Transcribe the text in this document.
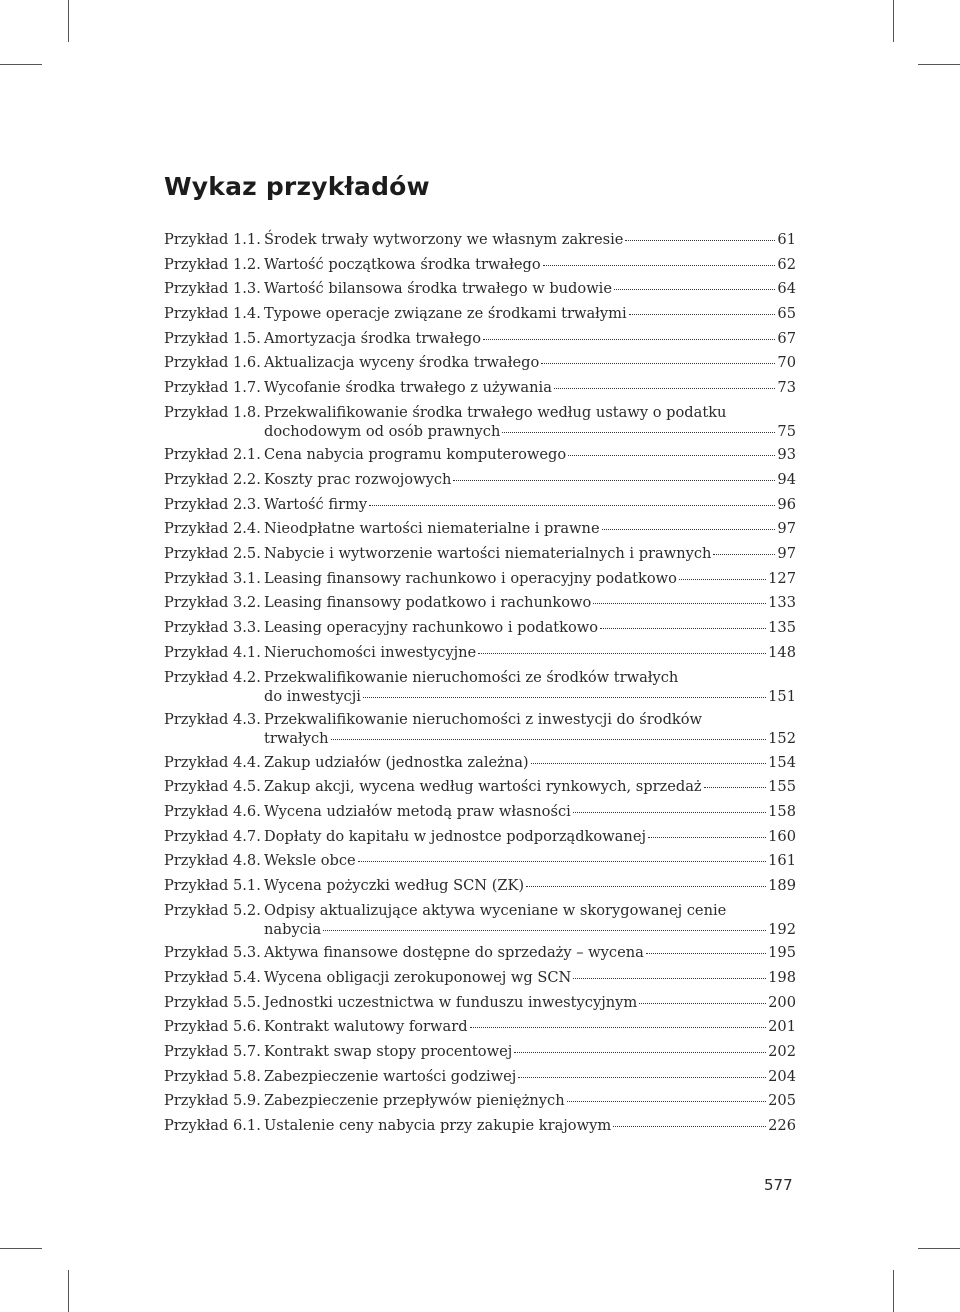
Wykaz przykładów
Przykład 1.1. Środek trwały wytworzony we własnym zakresie	61
Przykład 1.2. Wartość początkowa środka trwałego	62
Przykład 1.3. Wartość bilansowa środka trwałego w budowie	64
Przykład 1.4. Typowe operacje związane ze środkami trwałymi	65
Przykład 1.5. Amortyzacja środka trwałego	67
Przykład 1.6. Aktualizacja wyceny środka trwałego	70
Przykład 1.7. Wycofanie środka trwałego z używania	73
Przykład 1.8. Przekwalifikowanie środka trwałego według ustawy o podatku
dochodowym od osób prawnych	75
Przykład 2.1. Cena nabycia programu komputerowego	93
Przykład 2.2. Koszty prac rozwojowych	94
Przykład 2.3. Wartość firmy	96
Przykład 2.4. Nieodpłatne wartości niematerialne i prawne	97
Przykład 2.5. Nabycie i wytworzenie wartości niematerialnych i prawnych	97
Przykład 3.1. Leasing finansowy rachunkowo i operacyjny podatkowo	127
Przykład 3.2. Leasing finansowy podatkowo i rachunkowo	133
Przykład 3.3. Leasing operacyjny rachunkowo i podatkowo	135
Przykład 4.1. Nieruchomości inwestycyjne	148
Przykład 4.2. Przekwalifikowanie nieruchomości ze środków trwałych
do inwestycji	151
Przykład 4.3. Przekwalifikowanie nieruchomości z inwestycji do środków
trwałych	152
Przykład 4.4. Zakup udziałów (jednostka zależna)	154
Przykład 4.5. Zakup akcji, wycena według wartości rynkowych, sprzedaż	155
Przykład 4.6. Wycena udziałów metodą praw własności	158
Przykład 4.7. Dopłaty do kapitału w jednostce podporządkowanej	160
Przykład 4.8. Weksle obce	161
Przykład 5.1. Wycena pożyczki według SCN (ZK)	189
Przykład 5.2. Odpisy aktualizujące aktywa wyceniane w skorygowanej cenie
nabycia	192
Przykład 5.3. Aktywa finansowe dostępne do sprzedaży – wycena	195
Przykład 5.4. Wycena obligacji zerokuponowej wg SCN	198
Przykład 5.5. Jednostki uczestnictwa w funduszu inwestycyjnym	200
Przykład 5.6. Kontrakt walutowy forward	201
Przykład 5.7. Kontrakt swap stopy procentowej	202
Przykład 5.8. Zabezpieczenie wartości godziwej	204
Przykład 5.9. Zabezpieczenie przepływów pieniężnych	205
Przykład 6.1. Ustalenie ceny nabycia przy zakupie krajowym	226
577
